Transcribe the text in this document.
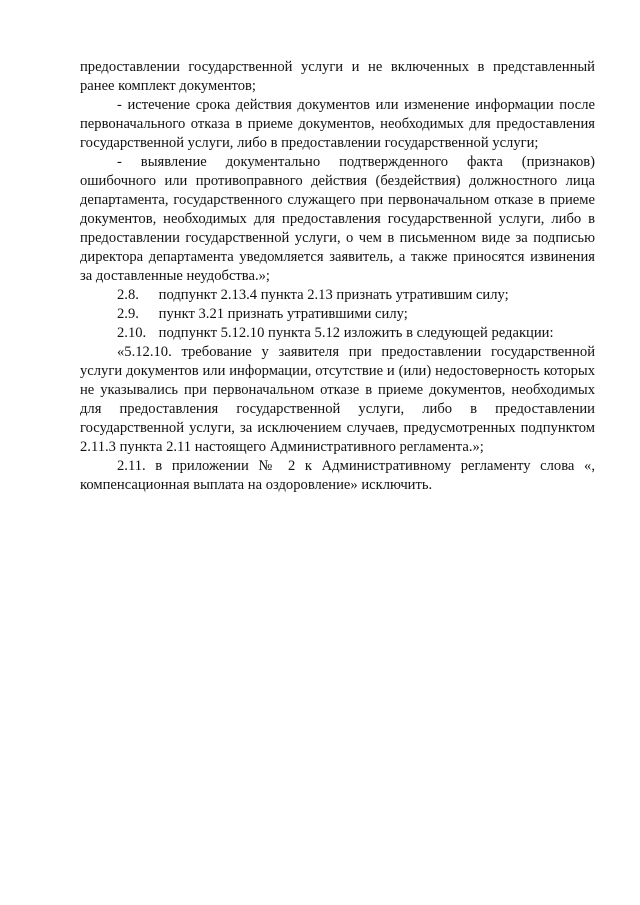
предоставлении государственной услуги и не включенных в представленный ранее комплект документов;

- истечение срока действия документов или изменение информации после первоначального отказа в приеме документов, необходимых для предоставления государственной услуги, либо в предоставлении государственной услуги;

- выявление документально подтвержденного факта (признаков) ошибочного или противоправного действия (бездействия) должностного лица департамента, государственного служащего при первоначальном отказе в приеме документов, необходимых для предоставления государственной услуги, либо в предоставлении государственной услуги, о чем в письменном виде за подписью директора департамента уведомляется заявитель, а также приносятся извинения за доставленные неудобства.»;

2.8. подпункт 2.13.4 пункта 2.13 признать утратившим силу;

2.9. пункт 3.21 признать утратившими силу;

2.10. подпункт 5.12.10 пункта 5.12 изложить в следующей редакции:

«5.12.10. требование у заявителя при предоставлении государственной услуги документов или информации, отсутствие и (или) недостоверность которых не указывались при первоначальном отказе в приеме документов, необходимых для предоставления государственной услуги, либо в предоставлении государственной услуги, за исключением случаев, предусмотренных подпунктом 2.11.3 пункта 2.11 настоящего Административного регламента.»;

2.11. в приложении № 2 к Административному регламенту слова «, компенсационная выплата на оздоровление» исключить.
